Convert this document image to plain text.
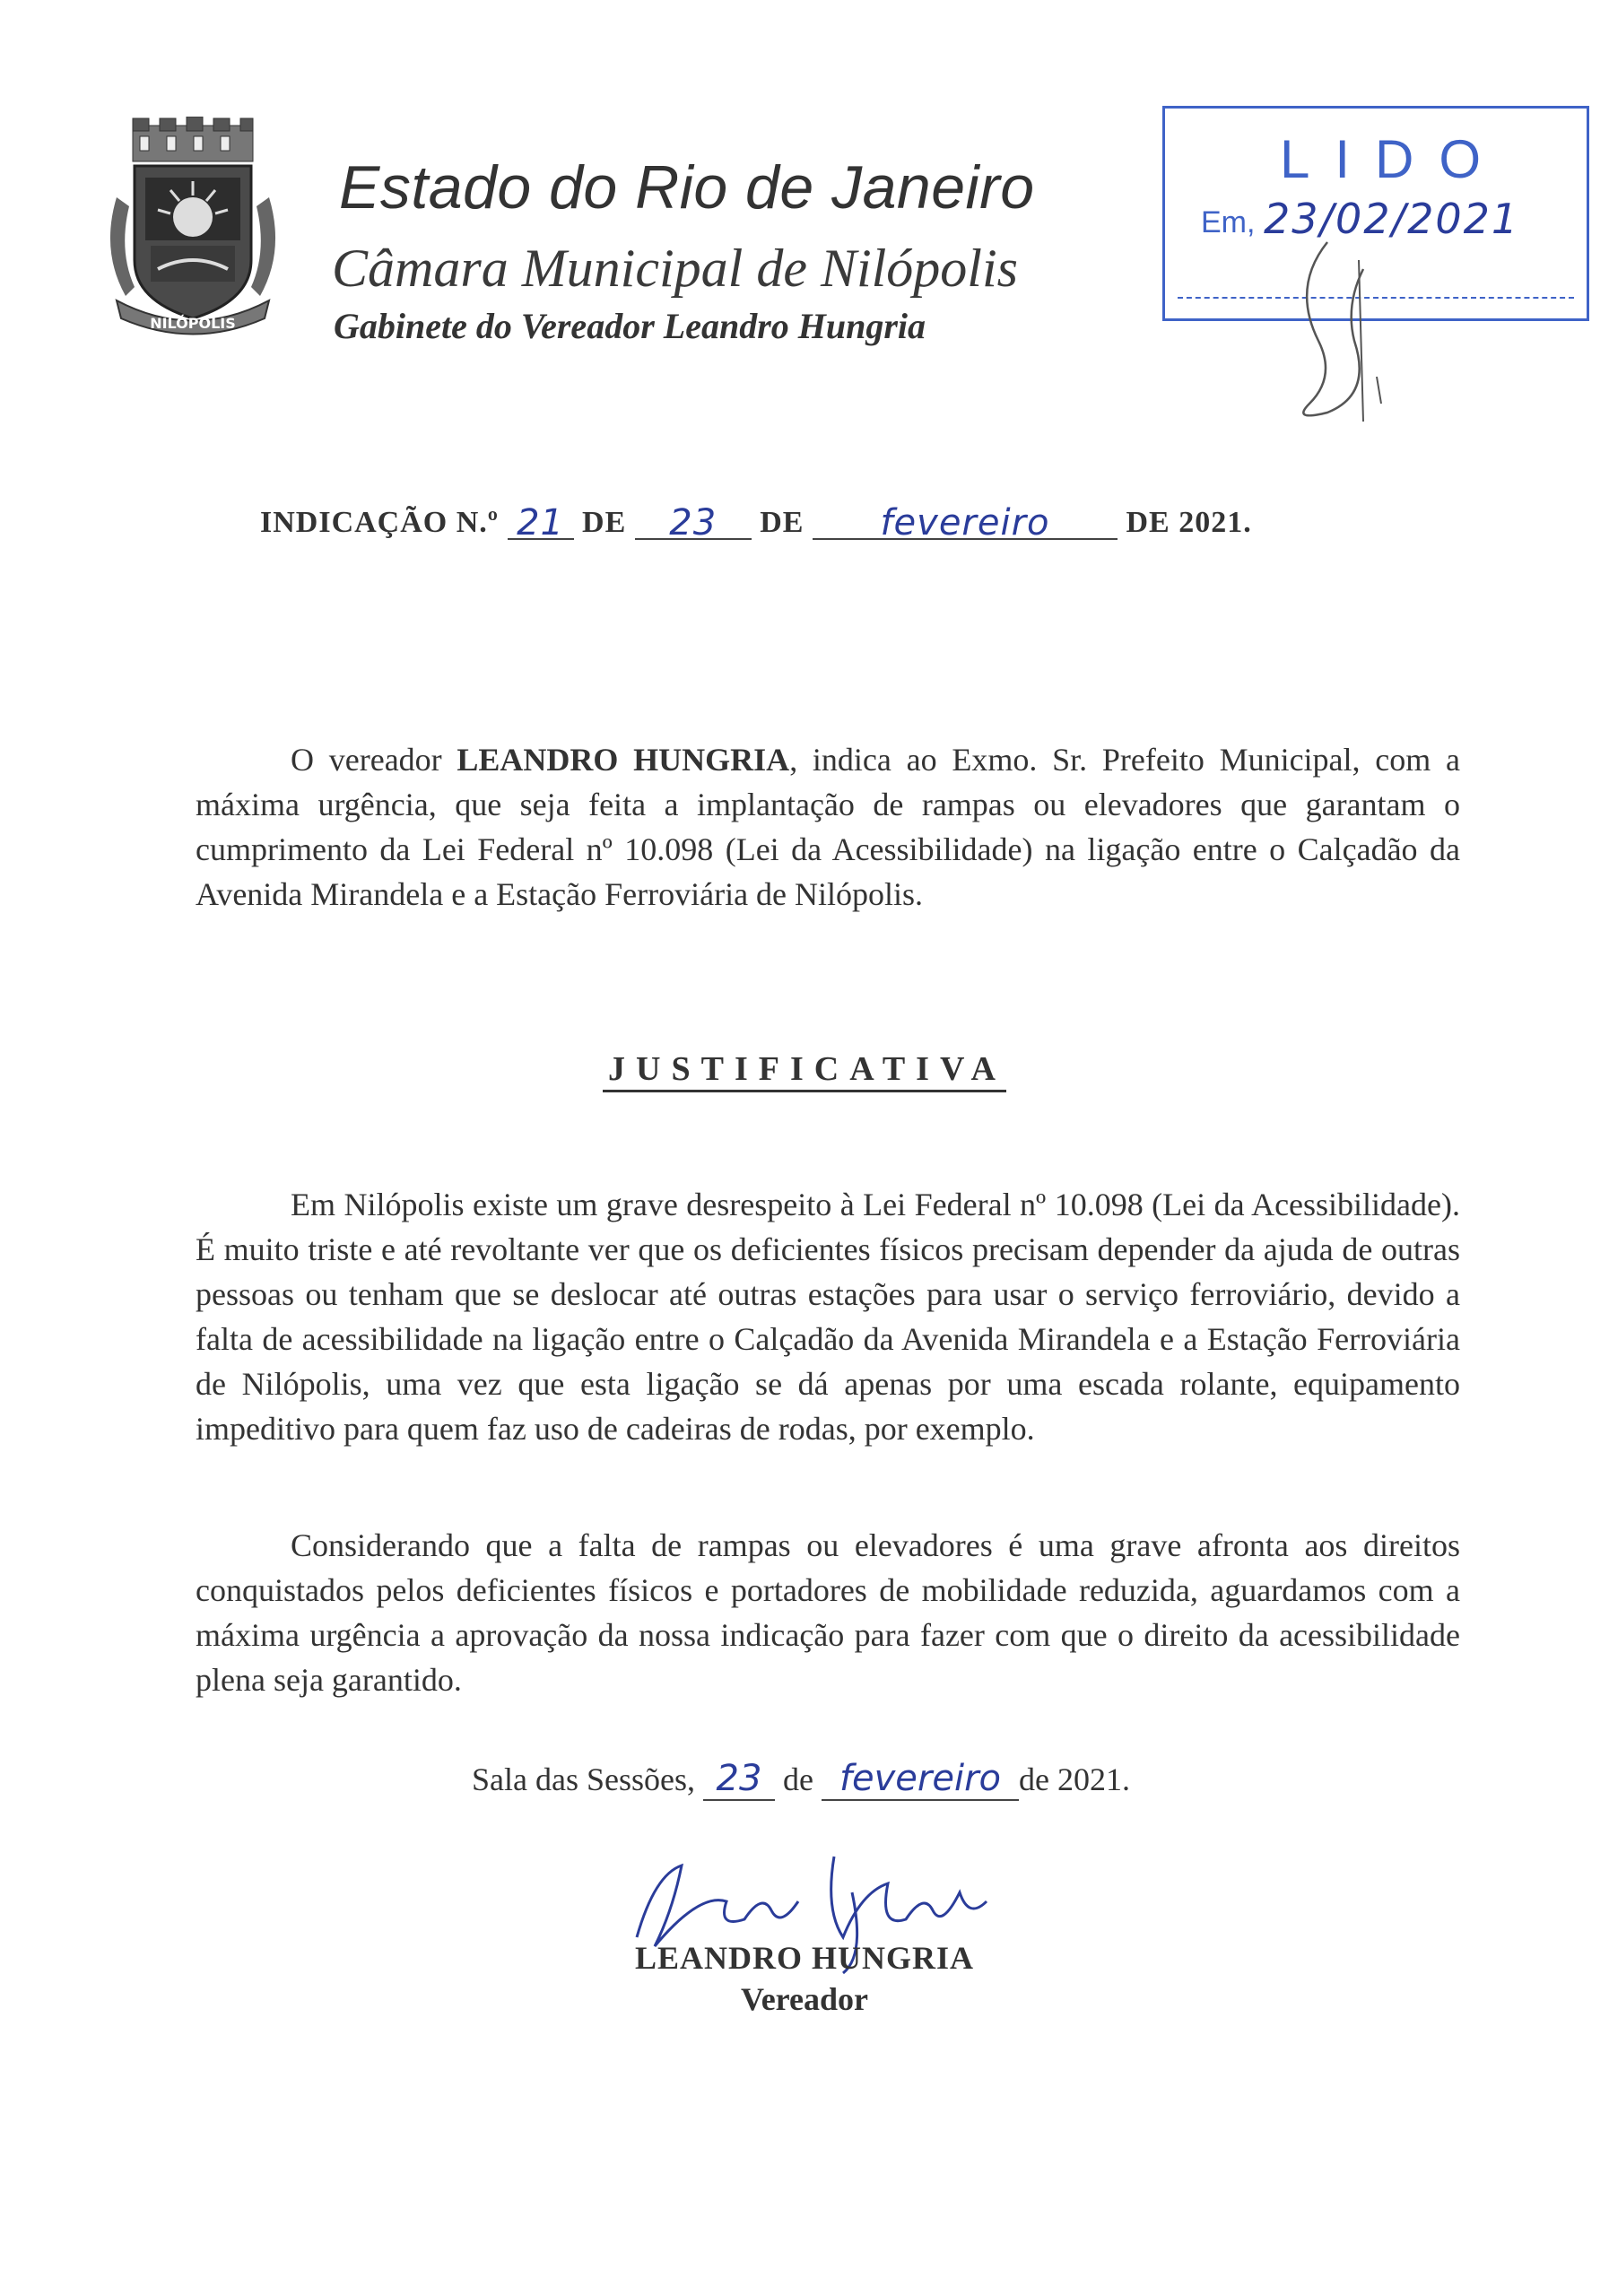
NILÓPOLIS
Estado do Rio de Janeiro
Câmara Municipal de Nilópolis
Gabinete do Vereador Leandro Hungria
LIDO
Em, 23/02/2021
INDICAÇÃO N.º 21 DE 23 DE fevereiro DE 2021.
O vereador LEANDRO HUNGRIA, indica ao Exmo. Sr. Prefeito Municipal, com a máxima urgência, que seja feita a implantação de rampas ou elevadores que garantam o cumprimento da Lei Federal nº 10.098 (Lei da Acessibilidade) na ligação entre o Calçadão da Avenida Mirandela e a Estação Ferroviária de Nilópolis.
JUSTIFICATIVA
Em Nilópolis existe um grave desrespeito à Lei Federal nº 10.098 (Lei da Acessibilidade). É muito triste e até revoltante ver que os deficientes físicos precisam depender da ajuda de outras pessoas ou tenham que se deslocar até outras estações para usar o serviço ferroviário, devido a falta de acessibilidade na ligação entre o Calçadão da Avenida Mirandela e a Estação Ferroviária de Nilópolis, uma vez que esta ligação se dá apenas por uma escada rolante, equipamento impeditivo para quem faz uso de cadeiras de rodas, por exemplo.
Considerando que a falta de rampas ou elevadores é uma grave afronta aos direitos conquistados pelos deficientes físicos e portadores de mobilidade reduzida, aguardamos com a máxima urgência a aprovação da nossa indicação para fazer com que o direito da acessibilidade plena seja garantido.
Sala das Sessões, 23 de fevereiro de 2021.
LEANDRO HUNGRIA
Vereador
